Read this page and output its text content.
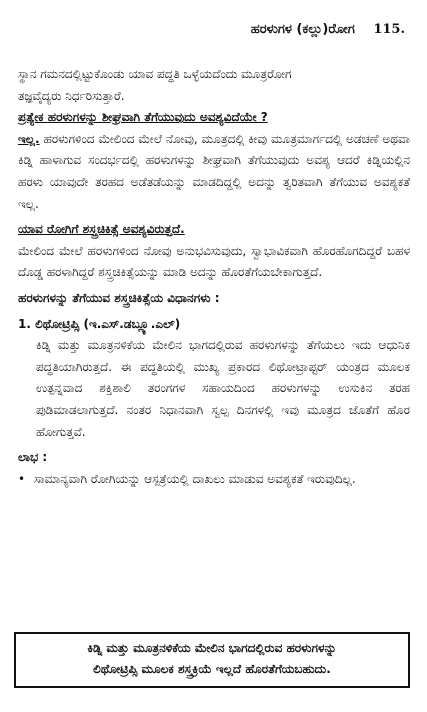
ಹರಳುಗಳ (ಕಲ್ಲು)ರೋಗ 115.

ಸ್ಥಾನ ಗಮನದಲ್ಲಿಟ್ಟುಕೊಂಡು ಯಾವ ಪದ್ಧತಿ ಒಳ್ಳೆಯದೆಂದು ಮೂತ್ರರೋಗ
ತಜ್ಞವೈದ್ಯರು ನಿರ್ಧರಿಸುತ್ತಾರೆ.

ಪ್ರತ್ಯೇಕ ಹರಳುಗಳನ್ನು ಶೀಘ್ರವಾಗಿ ತೆಗೆಯುವುದು ಅವಶ್ಯವಿದೆಯೇ ?

ಇಲ್ಲ. ಹರಳುಗಳಿಂದ ಮೇಲಿಂದ ಮೇಲೆ ನೋವು, ಮೂತ್ರದಲ್ಲಿ ಕೀವು ಮೂತ್ರಮಾರ್ಗದಲ್ಲಿ ಅಡಚಣೆ ಅಥವಾ ಕಿಡ್ನಿ ಹಾಳಾಗುವ ಸಂದರ್ಭದಲ್ಲಿ ಹರಳುಗಳನ್ನು ಶೀಘ್ರವಾಗಿ ತೆಗೆಯುವುದು ಅವಶ್ಯ ಆದರೆ ಕಿಡ್ನಿಯಲ್ಲಿನ ಹರಳು ಯಾವುದೇ ತರಹದ ಅಡೆತಡೆಯನ್ನು ಮಾಡದಿದ್ದಲ್ಲಿ ಅದನ್ನು ತ್ವರಿತವಾಗಿ ತೆಗೆಯುವ ಅವಶ್ಯಕತೆ ಇಲ್ಲ.

ಯಾವ ರೋಗಿಗೆ ಶಸ್ತ್ರಚಿಕಿತ್ಸೆ ಅವಶ್ಯವಿರುತ್ತದೆ.

ಮೇಲಿಂದ ಮೇಲೆ ಹರಳುಗಳಿಂದ ನೋವು ಅನುಭವಿಸುವುದು, ಸ್ವಾಭಾವಿಕವಾಗಿ ಹೊರಹೊಗದಿದ್ದರೆ ಬಹಳ ದೊಡ್ಡ ಹರಳಾಗಿದ್ದರೆ ಶಸ್ತ್ರಚಿಕಿತ್ಸೆಯನ್ನು ಮಾಡಿ ಅದನ್ನು ಹೊರತೆಗೆಯಬೇಕಾಗುತ್ತದೆ.

ಹರಳುಗಳನ್ನು ತೆಗೆಯುವ ಶಸ್ತ್ರಚಿಕಿತ್ಸೆಯ ವಿಧಾನಗಳು :

1. ಲಿಥೋಟ್ರಿಪ್ಸಿ (ಇ.ಎಸ್.ಡಬ್ಲ್ಯೂ.ಎಲ್)

ಕಿಡ್ನಿ ಮತ್ತು ಮೂತ್ರನಳಿಕೆಯ ಮೇಲಿನ ಭಾಗದಲ್ಲಿರುವ ಹರಳುಗಳನ್ನು ತೆಗೆಯಲು ಇದು ಆಧುನಿಕ ಪದ್ಧತಿಯಾಗಿರುತ್ತದೆ. ಈ ಪದ್ಧತಿಯಲ್ಲಿ ಮುಖ್ಯ ಪ್ರಕಾರದ ಲಿಥೋಟ್ರಾಪ್ಟರ್ ಯಂತ್ರದ ಮೂಲಕ ಉತ್ಪನ್ನವಾದ ಶಕ್ತಿಶಾಲಿ ತರಂಗಗಳ ಸಹಾಯದಿಂದ ಹರಳುಗಳನ್ನು ಉಸುಕಿನ ತರಹ ಪುಡಿಮಾಡಲಾಗುತ್ತದೆ. ನಂತರ ನಿಧಾನವಾಗಿ ಸ್ವಲ್ಪ ದಿನಗಳಲ್ಲಿ ಇವು ಮೂತ್ರದ ಜೊತೆಗೆ ಹೊರ ಹೋಗುತ್ತವೆ.

ಲಾಭ :

• ಸಾಮಾನ್ಯವಾಗಿ ರೋಗಿಯನ್ನು ಆಸ್ಪತ್ರೆಯಲ್ಲಿ ದಾಖಲು ಮಾಡುವ ಅವಶ್ಯಕತೆ ಇರುವುದಿಲ್ಲ.
ಕಿಡ್ನಿ ಮತ್ತು ಮೂತ್ರನಳಿಕೆಯ ಮೇಲಿನ ಭಾಗದಲ್ಲಿರುವ ಹರಳುಗಳನ್ನು
ಲಿಥೋಟ್ರಿಪ್ಸಿ ಮೂಲಕ ಶಸ್ತ್ರಕ್ರಿಯೆ ಇಲ್ಲದೆ ಹೊರತೆಗೆಯಬಹುದು.
